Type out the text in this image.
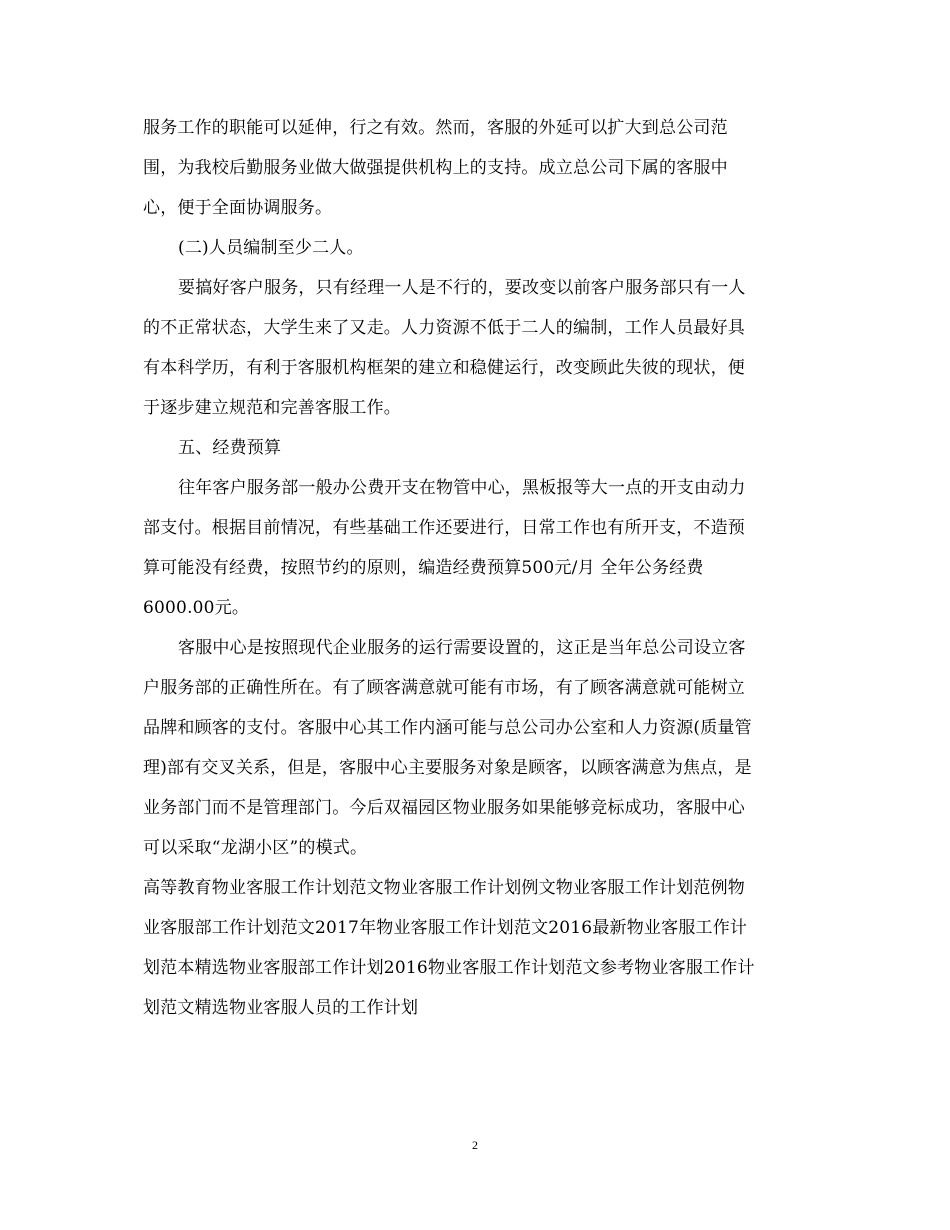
服务工作的职能可以延伸，行之有效。然而，客服的外延可以扩大到总公司范
围，为我校后勤服务业做大做强提供机构上的支持。成立总公司下属的客服中
心，便于全面协调服务。
(二)人员编制至少二人。
要搞好客户服务，只有经理一人是不行的，要改变以前客户服务部只有一人
的不正常状态，大学生来了又走。人力资源不低于二人的编制，工作人员最好具
有本科学历，有利于客服机构框架的建立和稳健运行，改变顾此失彼的现状，便
于逐步建立规范和完善客服工作。
五、经费预算
往年客户服务部一般办公费开支在物管中心，黑板报等大一点的开支由动力
部支付。根据目前情况，有些基础工作还要进行，日常工作也有所开支，不造预
算可能没有经费，按照节约的原则，编造经费预算500元/月 全年公务经费
6000.00元。
客服中心是按照现代企业服务的运行需要设置的，这正是当年总公司设立客
户服务部的正确性所在。有了顾客满意就可能有市场，有了顾客满意就可能树立
品牌和顾客的支付。客服中心其工作内涵可能与总公司办公室和人力资源(质量管
理)部有交叉关系，但是，客服中心主要服务对象是顾客，以顾客满意为焦点，是
业务部门而不是管理部门。今后双福园区物业服务如果能够竞标成功，客服中心
可以采取“龙湖小区”的模式。
高等教育物业客服工作计划范文物业客服工作计划例文物业客服工作计划范例物
业客服部工作计划范文2017年物业客服工作计划范文2016最新物业客服工作计
划范本精选物业客服部工作计划2016物业客服工作计划范文参考物业客服工作计
划范文精选物业客服人员的工作计划
2
